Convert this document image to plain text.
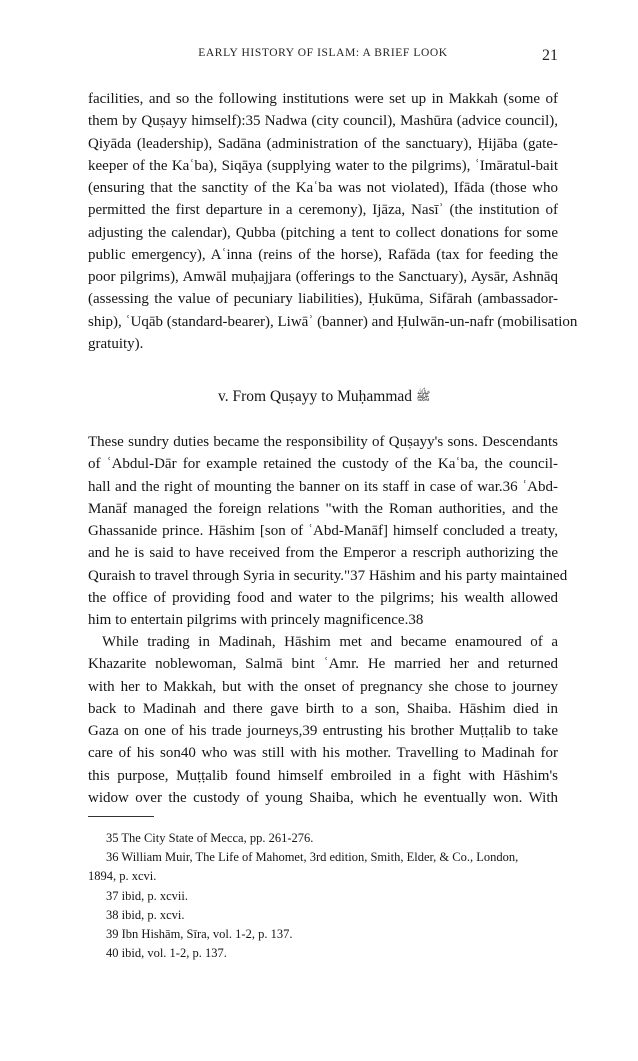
EARLY HISTORY OF ISLAM: A BRIEF LOOK	21
facilities, and so the following institutions were set up in Makkah (some of
them by Quṣayy himself):35 Nadwa (city council), Mashūra (advice council),
Qiyāda (leadership), Sadāna (administration of the sanctuary), Ḥijāba (gate-
keeper of the Kaʿba), Siqāya (supplying water to the pilgrims), ʿImāratul-bait
(ensuring that the sanctity of the Kaʿba was not violated), Ifāda (those who
permitted the first departure in a ceremony), Ijāza, Nasīʾ (the institution of
adjusting the calendar), Qubba (pitching a tent to collect donations for some
public emergency), Aʿinna (reins of the horse), Rafāda (tax for feeding the
poor pilgrims), Amwāl muḥajjara (offerings to the Sanctuary), Aysār, Ashnāq
(assessing the value of pecuniary liabilities), Ḥukūma, Sifārah (ambassador-
ship), ʿUqāb (standard-bearer), Liwāʾ (banner) and Ḥulwān-un-nafr (mobilisation
gratuity).
v. From Quṣayy to Muḥammad ﷺ
These sundry duties became the responsibility of Quṣayy's sons. Descendants
of ʿAbdul-Dār for example retained the custody of the Kaʿba, the council-
hall and the right of mounting the banner on its staff in case of war.36 ʿAbd-
Manāf managed the foreign relations "with the Roman authorities, and the
Ghassanide prince. Hāshim [son of ʿAbd-Manāf] himself concluded a treaty,
and he is said to have received from the Emperor a rescriph authorizing the
Quraish to travel through Syria in security."37 Hāshim and his party maintained
the office of providing food and water to the pilgrims; his wealth allowed
him to entertain pilgrims with princely magnificence.38
While trading in Madinah, Hāshim met and became enamoured of a
Khazarite noblewoman, Salmā bint ʿAmr. He married her and returned
with her to Makkah, but with the onset of pregnancy she chose to journey
back to Madinah and there gave birth to a son, Shaiba. Hāshim died in
Gaza on one of his trade journeys,39 entrusting his brother Muṭṭalib to take
care of his son40 who was still with his mother. Travelling to Madinah for
this purpose, Muṭṭalib found himself embroiled in a fight with Hāshim's
widow over the custody of young Shaiba, which he eventually won. With
35 The City State of Mecca, pp. 261-276.
36 William Muir, The Life of Mahomet, 3rd edition, Smith, Elder, & Co., London,
1894, p. xcvi.
37 ibid, p. xcvii.
38 ibid, p. xcvi.
39 Ibn Hishām, Sīra, vol. 1-2, p. 137.
40 ibid, vol. 1-2, p. 137.
